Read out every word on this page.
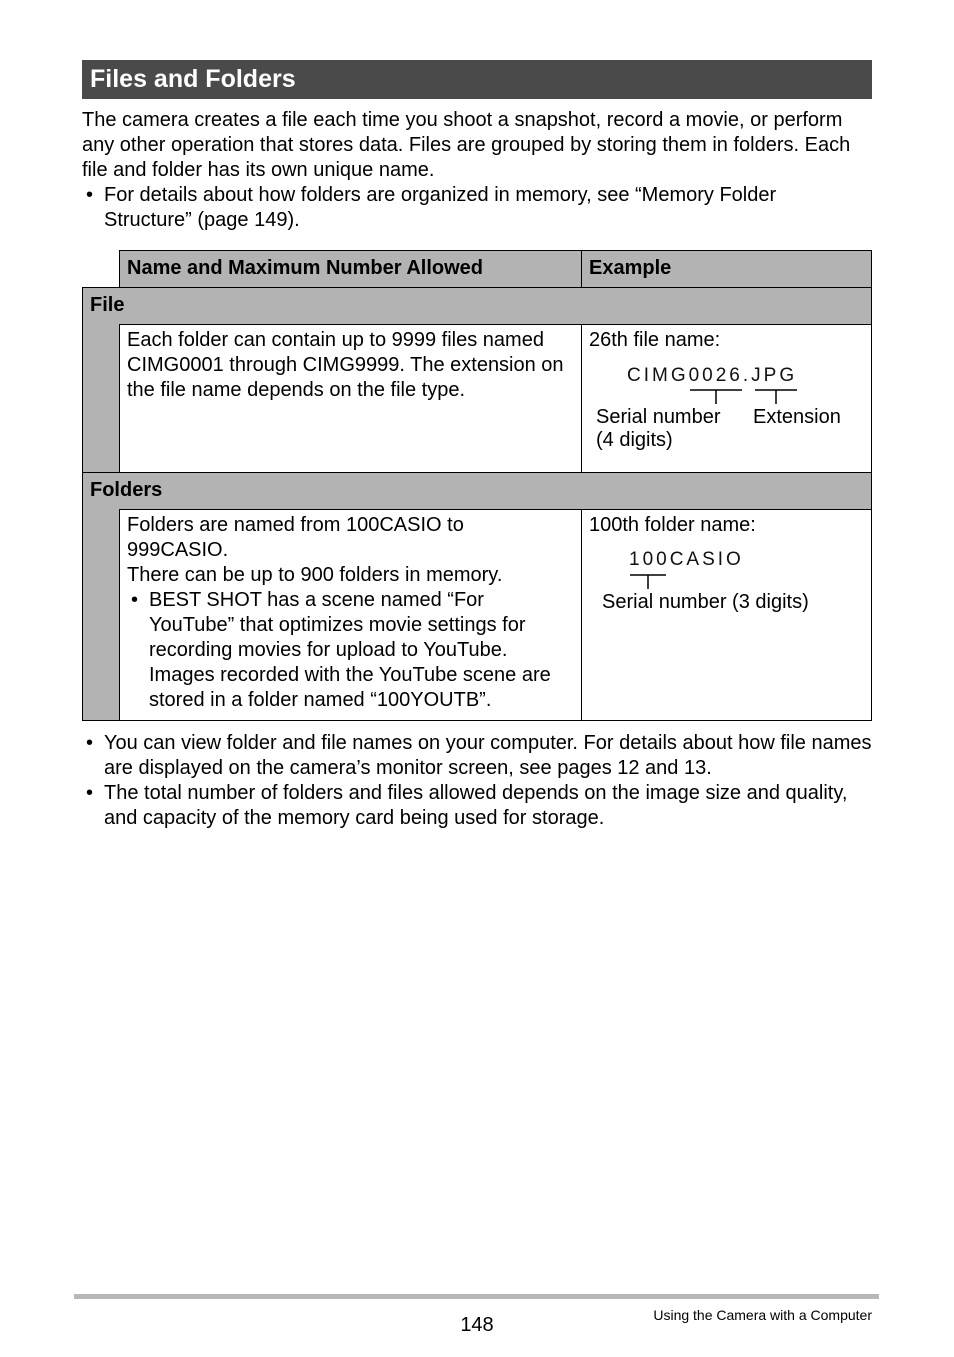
Files and Folders

The camera creates a file each time you shoot a snapshot, record a movie, or perform any other operation that stores data. Files are grouped by storing them in folders. Each file and folder has its own unique name.

• For details about how folders are organized in memory, see “Memory Folder
Structure” (page 149).
Name and Maximum Number Allowed	Example
File
Each folder can contain up to 9999 files named CIMG0001 through CIMG9999. The extension on the file name depends on the file type.
26th file name:
CIMG0026.JPG
Serial number
(4 digits)
Extension
Folders
Folders are named from 100CASIO to
999CASIO.
There can be up to 900 folders in memory.
• BEST SHOT has a scene named “For YouTube” that optimizes movie settings for recording movies for upload to YouTube. Images recorded with the YouTube scene are stored in a folder named “100YOUTB”.
100th folder name:
100CASIO
Serial number (3 digits)
• You can view folder and file names on your computer. For details about how file names are displayed on the camera’s monitor screen, see pages 12 and 13.
• The total number of folders and files allowed depends on the image size and quality, and capacity of the memory card being used for storage.
148	Using the Camera with a Computer
